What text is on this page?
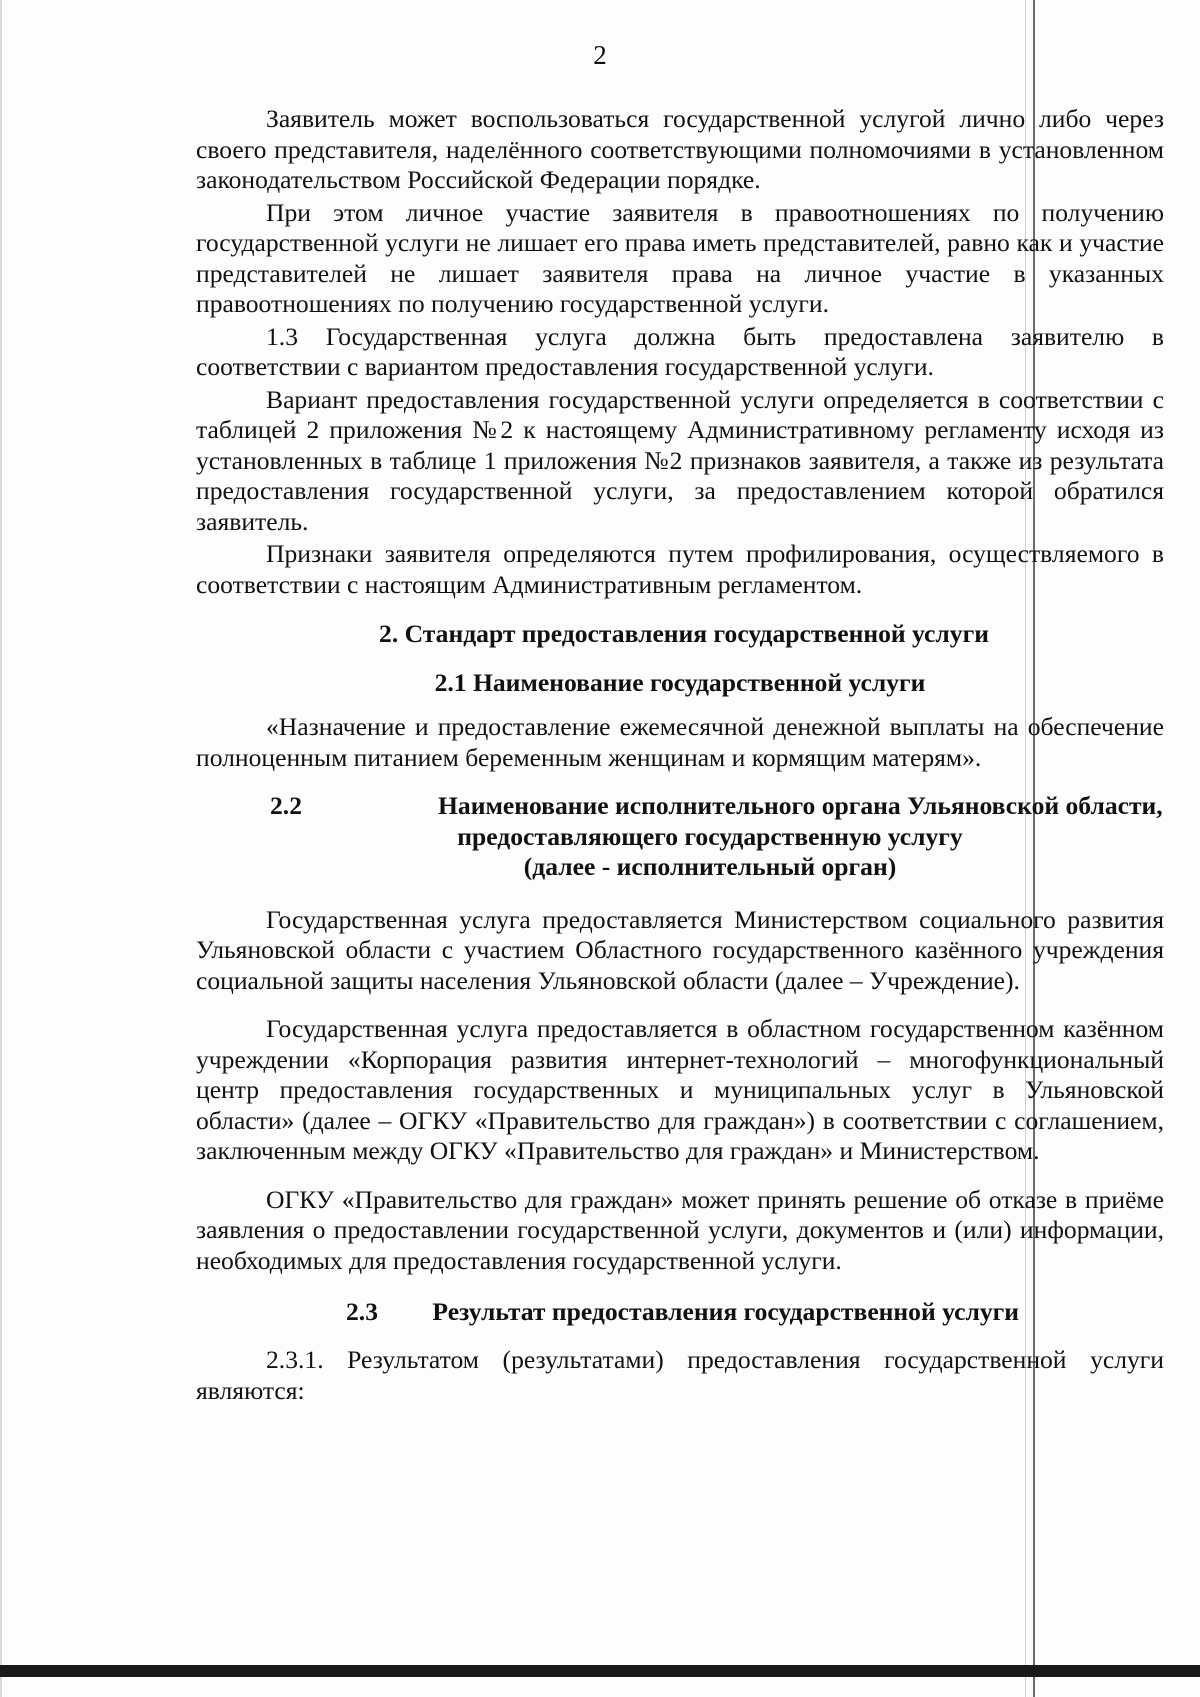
2

Заявитель может воспользоваться государственной услугой лично либо через своего представителя, наделённого соответствующими полномочиями в установленном законодательством Российской Федерации порядке.

При этом личное участие заявителя в правоотношениях по получению государственной услуги не лишает его права иметь представителей, равно как и участие представителей не лишает заявителя права на личное участие в указанных правоотношениях по получению государственной услуги.

1.3 Государственная услуга должна быть предоставлена заявителю в соответствии с вариантом предоставления государственной услуги.

Вариант предоставления государственной услуги определяется в соответствии с таблицей 2 приложения №2 к настоящему Административному регламенту исходя из установленных в таблице 1 приложения №2 признаков заявителя, а также из результата предоставления государственной услуги, за предоставлением которой обратился заявитель.

Признаки заявителя определяются путем профилирования, осуществляемого в соответствии с настоящим Административным регламентом.

2. Стандарт предоставления государственной услуги

2.1 Наименование государственной услуги

«Назначение и предоставление ежемесячной денежной выплаты на обеспечение полноценным питанием беременным женщинам и кормящим матерям».

2.2	Наименование исполнительного органа Ульяновской области,
предоставляющего государственную услугу
(далее - исполнительный орган)

Государственная услуга предоставляется Министерством социального развития Ульяновской области с участием Областного государственного казённого учреждения социальной защиты населения Ульяновской области (далее – Учреждение).

Государственная услуга предоставляется в областном государственном казённом учреждении «Корпорация развития интернет-технологий – многофункциональный центр предоставления государственных и муниципальных услуг в Ульяновской области» (далее – ОГКУ «Правительство для граждан») в соответствии с соглашением, заключенным между ОГКУ «Правительство для граждан» и Министерством.

ОГКУ «Правительство для граждан» может принять решение об отказе в приёме заявления о предоставлении государственной услуги, документов и (или) информации, необходимых для предоставления государственной услуги.

2.3 Результат предоставления государственной услуги

2.3.1. Результатом (результатами) предоставления государственной услуги являются:
